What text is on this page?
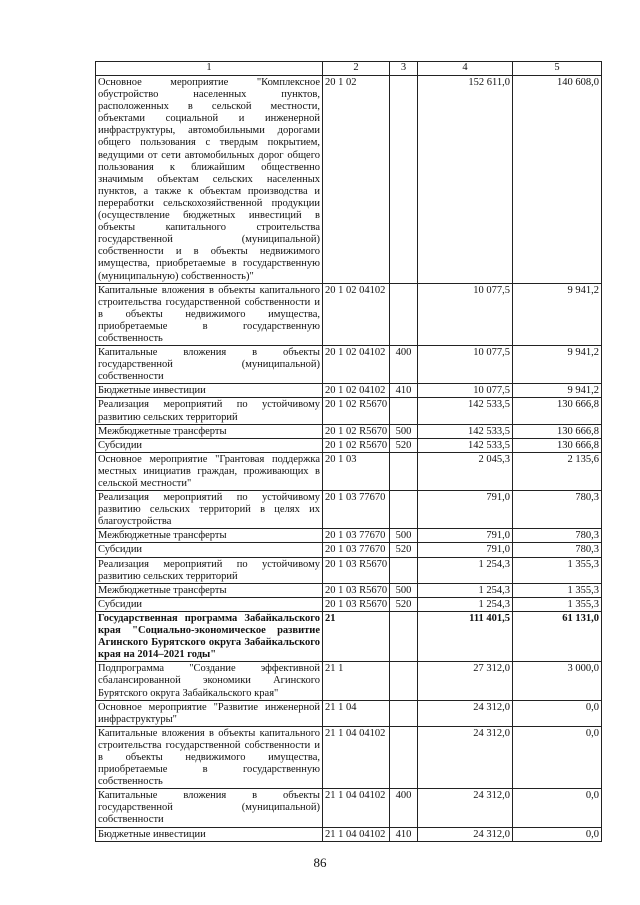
1	2	3	4	5
Основное мероприятие "Комплексное обустройство населенных пунктов, расположенных в сельской местности, объектами социальной и инженерной инфраструктуры, автомобильными дорогами общего пользования с твердым покрытием, ведущими от сети автомобильных дорог общего пользования к ближайшим общественно значимым объектам сельских населенных пунктов, а также к объектам производства и переработки сельскохозяйственной продукции (осуществление бюджетных инвестиций в объекты капитального строительства государственной (муниципальной) собственности и в объекты недвижимого имущества, приобретаемые в государственную (муниципальную) собственность)"	20 1 02		152 611,0	140 608,0
Капитальные вложения в объекты капитального строительства государственной собственности и в объекты недвижимого имущества, приобретаемые в государственную собственность	20 1 02 04102		10 077,5	9 941,2
Капитальные вложения в объекты государственной (муниципальной) собственности	20 1 02 04102	400	10 077,5	9 941,2
Бюджетные инвестиции	20 1 02 04102	410	10 077,5	9 941,2
Реализация мероприятий по устойчивому развитию сельских территорий	20 1 02 R5670		142 533,5	130 666,8
Межбюджетные трансферты	20 1 02 R5670	500	142 533,5	130 666,8
Субсидии	20 1 02 R5670	520	142 533,5	130 666,8
Основное мероприятие "Грантовая поддержка местных инициатив граждан, проживающих в сельской местности"	20 1 03		2 045,3	2 135,6
Реализация мероприятий по устойчивому развитию сельских территорий в целях их благоустройства	20 1 03 77670		791,0	780,3
Межбюджетные трансферты	20 1 03 77670	500	791,0	780,3
Субсидии	20 1 03 77670	520	791,0	780,3
Реализация мероприятий по устойчивому развитию сельских территорий	20 1 03 R5670		1 254,3	1 355,3
Межбюджетные трансферты	20 1 03 R5670	500	1 254,3	1 355,3
Субсидии	20 1 03 R5670	520	1 254,3	1 355,3
Государственная программа Забайкальского края "Социально-экономическое развитие Агинского Бурятского округа Забайкальского края на 2014–2021 годы"	21		111 401,5	61 131,0
Подпрограмма "Создание эффективной сбалансированной экономики Агинского Бурятского округа Забайкальского края"	21 1		27 312,0	3 000,0
Основное мероприятие "Развитие инженерной инфраструктуры"	21 1 04		24 312,0	0,0
Капитальные вложения в объекты капитального строительства государственной собственности и в объекты недвижимого имущества, приобретаемые в государственную собственность	21 1 04 04102		24 312,0	0,0
Капитальные вложения в объекты государственной (муниципальной) собственности	21 1 04 04102	400	24 312,0	0,0
Бюджетные инвестиции	21 1 04 04102	410	24 312,0	0,0
86
